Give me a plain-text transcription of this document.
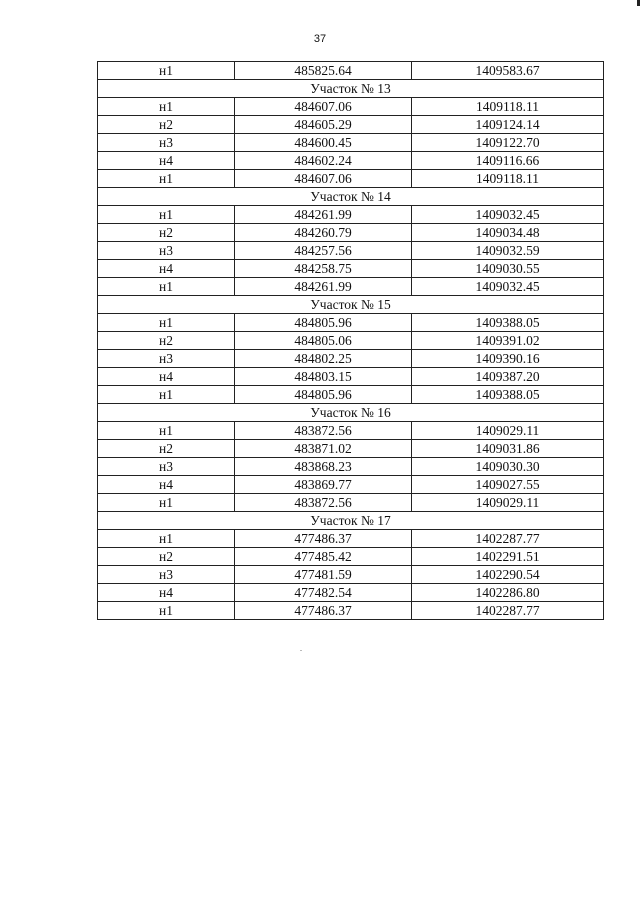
37
н1	485825.64	1409583.67
Участок № 13		
н1	484607.06	1409118.11
н2	484605.29	1409124.14
н3	484600.45	1409122.70
н4	484602.24	1409116.66
н1	484607.06	1409118.11
Участок № 14		
н1	484261.99	1409032.45
н2	484260.79	1409034.48
н3	484257.56	1409032.59
н4	484258.75	1409030.55
н1	484261.99	1409032.45
Участок № 15		
н1	484805.96	1409388.05
н2	484805.06	1409391.02
н3	484802.25	1409390.16
н4	484803.15	1409387.20
н1	484805.96	1409388.05
Участок № 16		
н1	483872.56	1409029.11
н2	483871.02	1409031.86
н3	483868.23	1409030.30
н4	483869.77	1409027.55
н1	483872.56	1409029.11
Участок № 17		
н1	477486.37	1402287.77
н2	477485.42	1402291.51
н3	477481.59	1402290.54
н4	477482.54	1402286.80
н1	477486.37	1402287.77
